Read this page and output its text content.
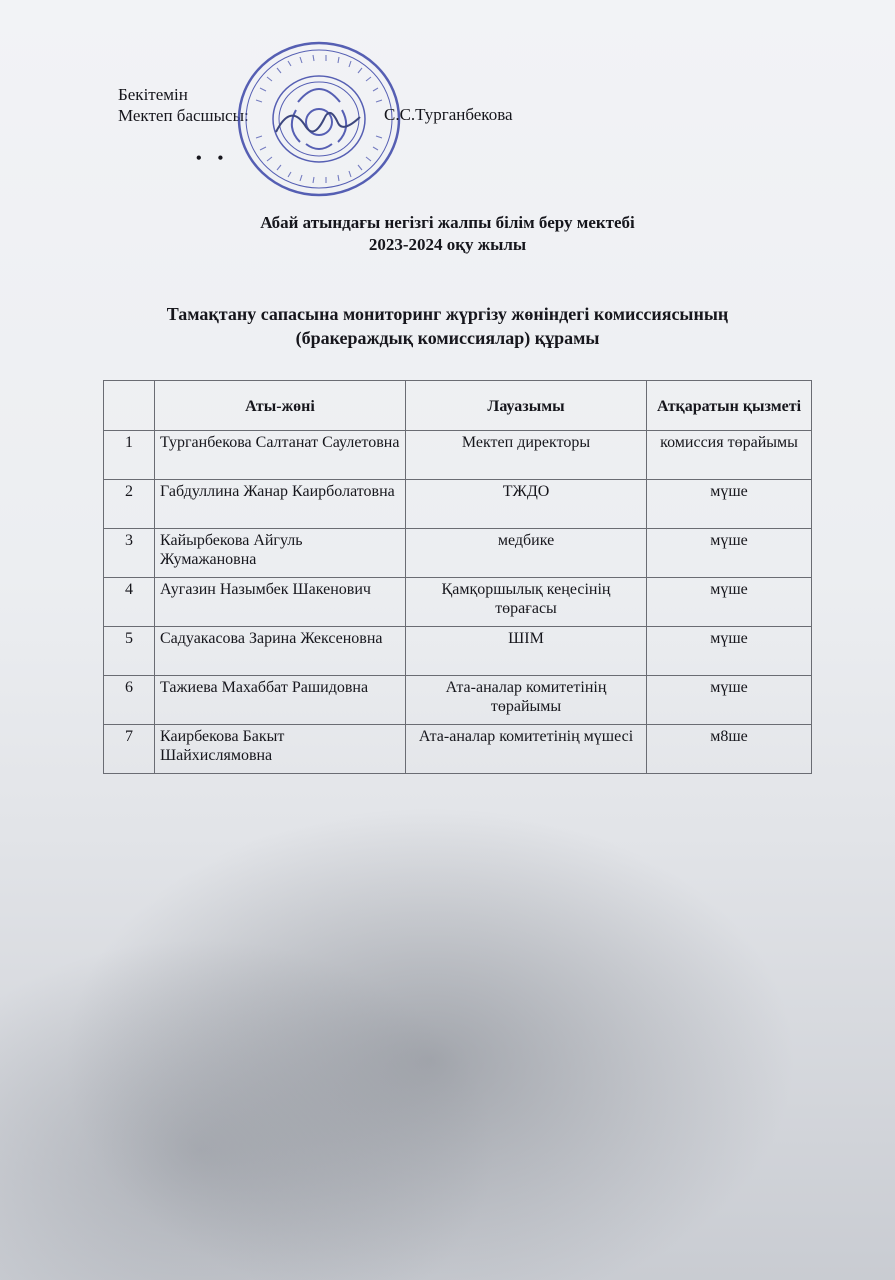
Бекітемін
Мектеп басшысы:	С.С.Турганбекова
• •
Абай атындағы негізгі жалпы білім беру мектебі
2023-2024 оқу жылы
Тамақтану сапасына мониторинг жүргізу жөніндегі комиссиясының
(бракераждық комиссиялар) құрамы
	Аты-жөні	Лауазымы	Атқаратын қызметі
1	Турганбекова Салтанат Саулетовна	Мектеп директоры	комиссия төрайымы
2	Габдуллина Жанар Каирболатовна	ТЖДО	мүше
3	Кайырбекова Айгуль Жумажановна	медбике	мүше
4	Аугазин Назымбек Шакенович	Қамқоршылық кеңесінің төрағасы	мүше
5	Садуакасова Зарина Жексеновна	ШІМ	мүше
6	Тажиева Махаббат Рашидовна	Ата-аналар комитетінің төрайымы	мүше
7	Каирбекова Бакыт Шайхислямовна	Ата-аналар комитетінің мүшесі	м8ше
